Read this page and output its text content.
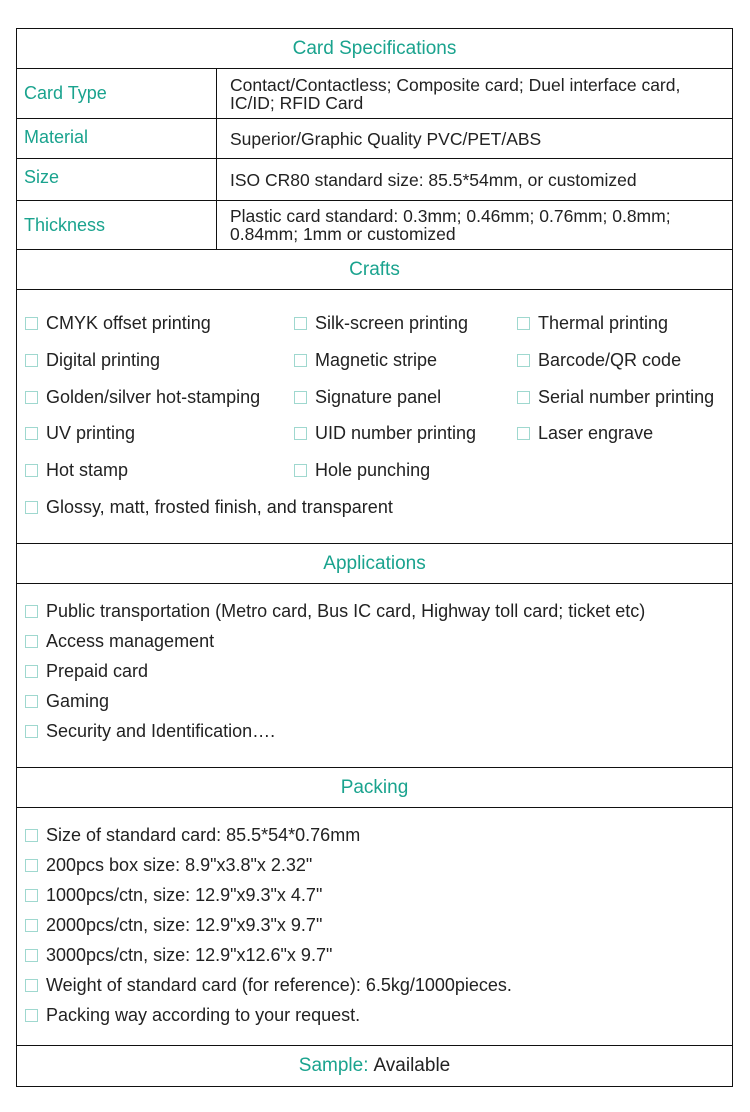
Card Specifications
Card Type	Contact/Contactless; Composite card; Duel interface card, IC/ID; RFID Card
Material	Superior/Graphic Quality PVC/PET/ABS
Size	ISO CR80 standard size: 85.5*54mm, or customized
Thickness	Plastic card standard: 0.3mm; 0.46mm; 0.76mm; 0.8mm; 0.84mm; 1mm or customized
Crafts
CMYK offset printing	Silk-screen printing	Thermal printing
Digital printing	Magnetic stripe	Barcode/QR code
Golden/silver hot-stamping	Signature panel	Serial number printing
UV printing	UID number printing	Laser engrave
Hot stamp	Hole punching
Glossy, matt, frosted finish, and transparent
Applications
Public transportation (Metro card, Bus IC card, Highway toll card; ticket etc)
Access management
Prepaid card
Gaming
Security and Identification….
Packing
Size of standard card: 85.5*54*0.76mm
200pcs box size: 8.9"x3.8"x 2.32"
1000pcs/ctn, size: 12.9"x9.3"x 4.7"
2000pcs/ctn, size: 12.9"x9.3"x 9.7"
3000pcs/ctn, size: 12.9"x12.6"x 9.7"
Weight of standard card (for reference): 6.5kg/1000pieces.
Packing way according to your request.
Sample: Available
